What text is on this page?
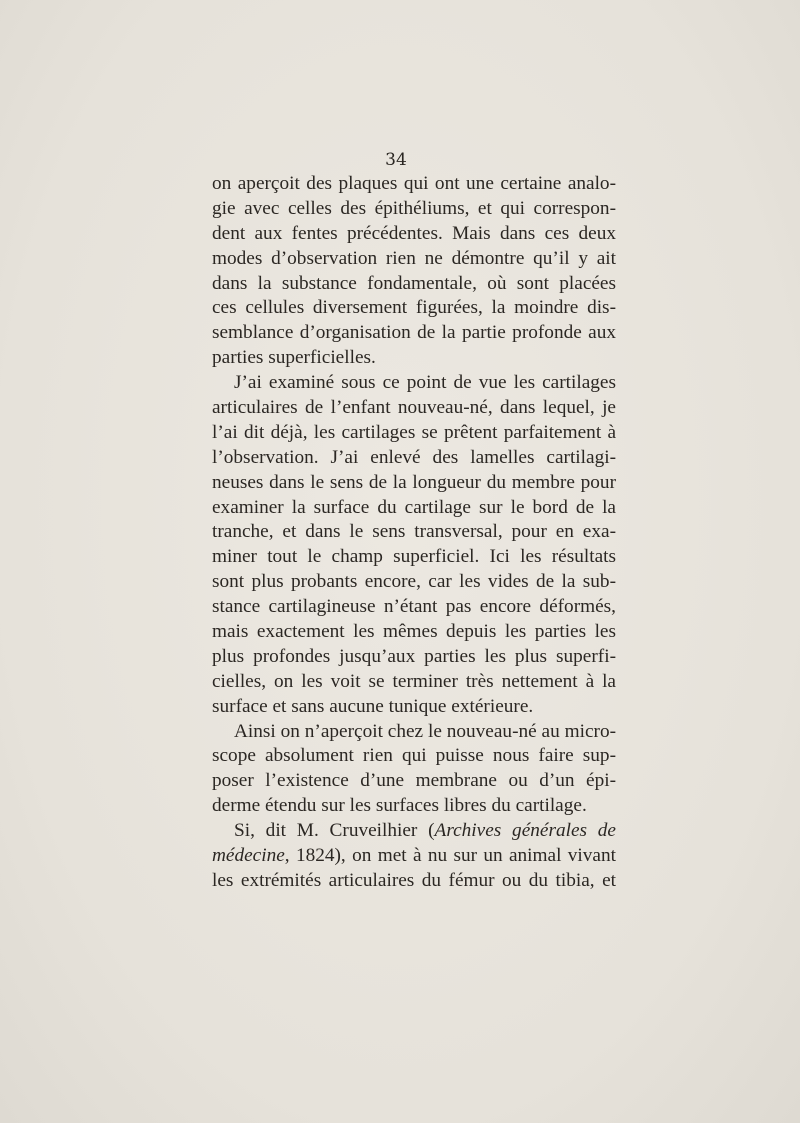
34
on aperçoit des plaques qui ont une certaine analo-
gie avec celles des épithéliums, et qui correspon-
dent aux fentes précédentes. Mais dans ces deux
modes d’observation rien ne démontre qu’il y ait
dans la substance fondamentale, où sont placées
ces cellules diversement figurées, la moindre dis-
semblance d’organisation de la partie profonde aux
parties superficielles.
J’ai examiné sous ce point de vue les cartilages
articulaires de l’enfant nouveau-né, dans lequel, je
l’ai dit déjà, les cartilages se prêtent parfaitement à
l’observation. J’ai enlevé des lamelles cartilagi-
neuses dans le sens de la longueur du membre pour
examiner la surface du cartilage sur le bord de la
tranche, et dans le sens transversal, pour en exa-
miner tout le champ superficiel. Ici les résultats
sont plus probants encore, car les vides de la sub-
stance cartilagineuse n’étant pas encore déformés,
mais exactement les mêmes depuis les parties les
plus profondes jusqu’aux parties les plus superfi-
cielles, on les voit se terminer très nettement à la
surface et sans aucune tunique extérieure.
Ainsi on n’aperçoit chez le nouveau-né au micro-
scope absolument rien qui puisse nous faire sup-
poser l’existence d’une membrane ou d’un épi-
derme étendu sur les surfaces libres du cartilage.
Si, dit M. Cruveilhier (Archives générales de
médecine, 1824), on met à nu sur un animal vivant
les extrémités articulaires du fémur ou du tibia, et
